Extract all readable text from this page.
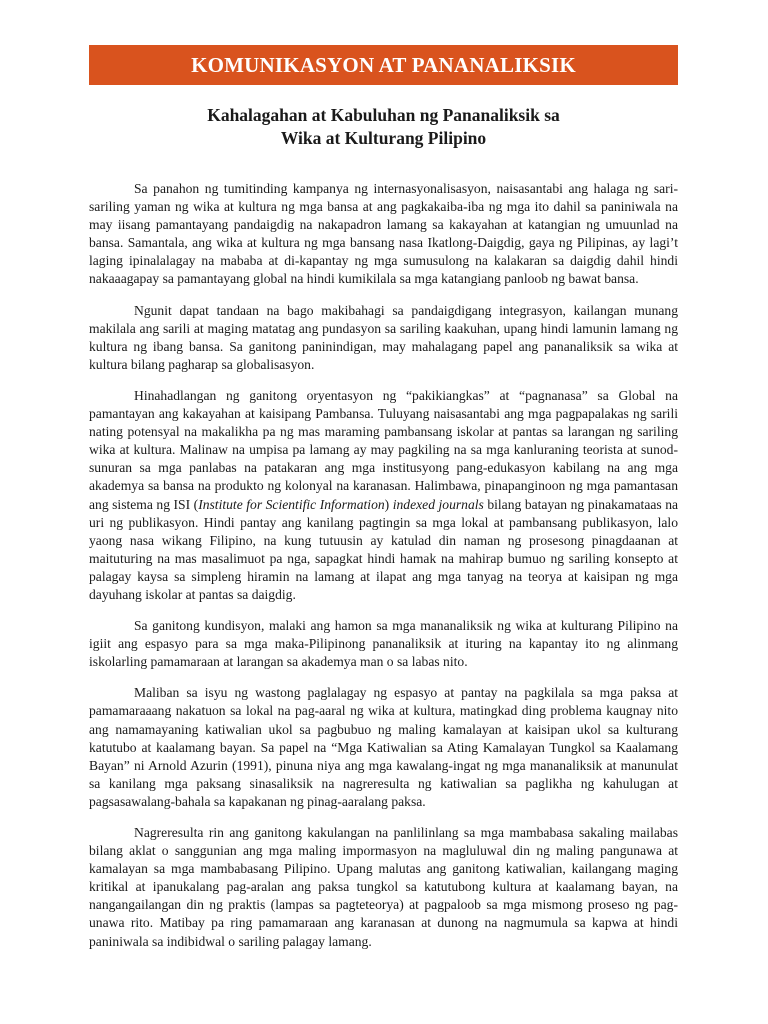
KOMUNIKASYON AT PANANALIKSIK
Kahalagahan at Kabuluhan ng Pananaliksik sa
Wika at Kulturang Pilipino

Sa panahon ng tumitinding kampanya ng internasyonalisasyon, naisasantabi ang halaga ng sari-sariling yaman ng wika at kultura ng mga bansa at ang pagkakaiba-iba ng mga ito dahil sa paniniwala na may iisang pamantayang pandaigdig na nakapadron lamang sa kakayahan at katangian ng umuunlad na bansa. Samantala, ang wika at kultura ng mga bansang nasa Ikatlong-Daigdig, gaya ng Pilipinas, ay lagi’t laging ipinalalagay na mababa at di-kapantay ng mga sumusulong na kalakaran sa daigdig dahil hindi nakaaagapay sa pamantayang global na hindi kumikilala sa mga katangiang panloob ng bawat bansa.

Ngunit dapat tandaan na bago makibahagi sa pandaigdigang integrasyon, kailangan munang makilala ang sarili at maging matatag ang pundasyon sa sariling kaakuhan, upang hindi lamunin lamang ng kultura ng ibang bansa. Sa ganitong paninindigan, may mahalagang papel ang pananaliksik sa wika at kultura bilang pagharap sa globalisasyon.

Hinahadlangan ng ganitong oryentasyon ng “pakikiangkas” at “pagnanasa” sa Global na pamantayan ang kakayahan at kaisipang Pambansa. Tuluyang naisasantabi ang mga pagpapalakas ng sarili nating potensyal na makalikha pa ng mas maraming pambansang iskolar at pantas sa larangan ng sariling wika at kultura. Malinaw na umpisa pa lamang ay may pagkiling na sa mga kanluraning teorista at sunod-sunuran sa mga panlabas na patakaran ang mga institusyong pang-edukasyon kabilang na ang mga akademya sa bansa na produkto ng kolonyal na karanasan. Halimbawa, pinapanginoon ng mga pamantasan ang sistema ng ISI (Institute for Scientific Information) indexed journals bilang batayan ng pinakamataas na uri ng publikasyon. Hindi pantay ang kanilang pagtingin sa mga lokal at pambansang publikasyon, lalo yaong nasa wikang Filipino, na kung tutuusin ay katulad din naman ng prosesong pinagdaanan at maituturing na mas masalimuot pa nga, sapagkat hindi hamak na mahirap bumuo ng sariling konsepto at palagay kaysa sa simpleng hiramin na lamang at ilapat ang mga tanyag na teorya at kaisipan ng mga dayuhang iskolar at pantas sa daigdig.

Sa ganitong kundisyon, malaki ang hamon sa mga mananaliksik ng wika at kulturang Pilipino na igiit ang espasyo para sa mga maka-Pilipinong pananaliksik at ituring na kapantay ito ng alinmang iskolarling pamamaraan at larangan sa akademya man o sa labas nito.

Maliban sa isyu ng wastong paglalagay ng espasyo at pantay na pagkilala sa mga paksa at pamamaraaang nakatuon sa lokal na pag-aaral ng wika at kultura, matingkad ding problema kaugnay nito ang namamayaning katiwalian ukol sa pagbubuo ng maling kamalayan at kaisipan ukol sa kulturang katutubo at kaalamang bayan. Sa papel na “Mga Katiwalian sa Ating Kamalayan Tungkol sa Kaalamang Bayan” ni Arnold Azurin (1991), pinuna niya ang mga kawalang-ingat ng mga mananaliksik at manunulat sa kanilang mga paksang sinasaliksik na nagreresulta ng katiwalian sa paglikha ng kahulugan at pagsasawalang-bahala sa kapakanan ng pinag-aaralang paksa.

Nagreresulta rin ang ganitong kakulangan na panlilinlang sa mga mambabasa sakaling mailabas bilang aklat o sanggunian ang mga maling impormasyon na magluluwal din ng maling pangunawa at kamalayan sa mga mambabasang Pilipino. Upang malutas ang ganitong katiwalian, kailangang maging kritikal at ipanukalang pag-aralan ang paksa tungkol sa katutubong kultura at kaalamang bayan, na nangangailangan din ng praktis (lampas sa pagteteorya) at pagpaloob sa mga mismong proseso ng pag-unawa rito. Matibay pa ring pamamaraan ang karanasan at dunong na nagmumula sa kapwa at hindi paniniwala sa indibidwal o sariling palagay lamang.
